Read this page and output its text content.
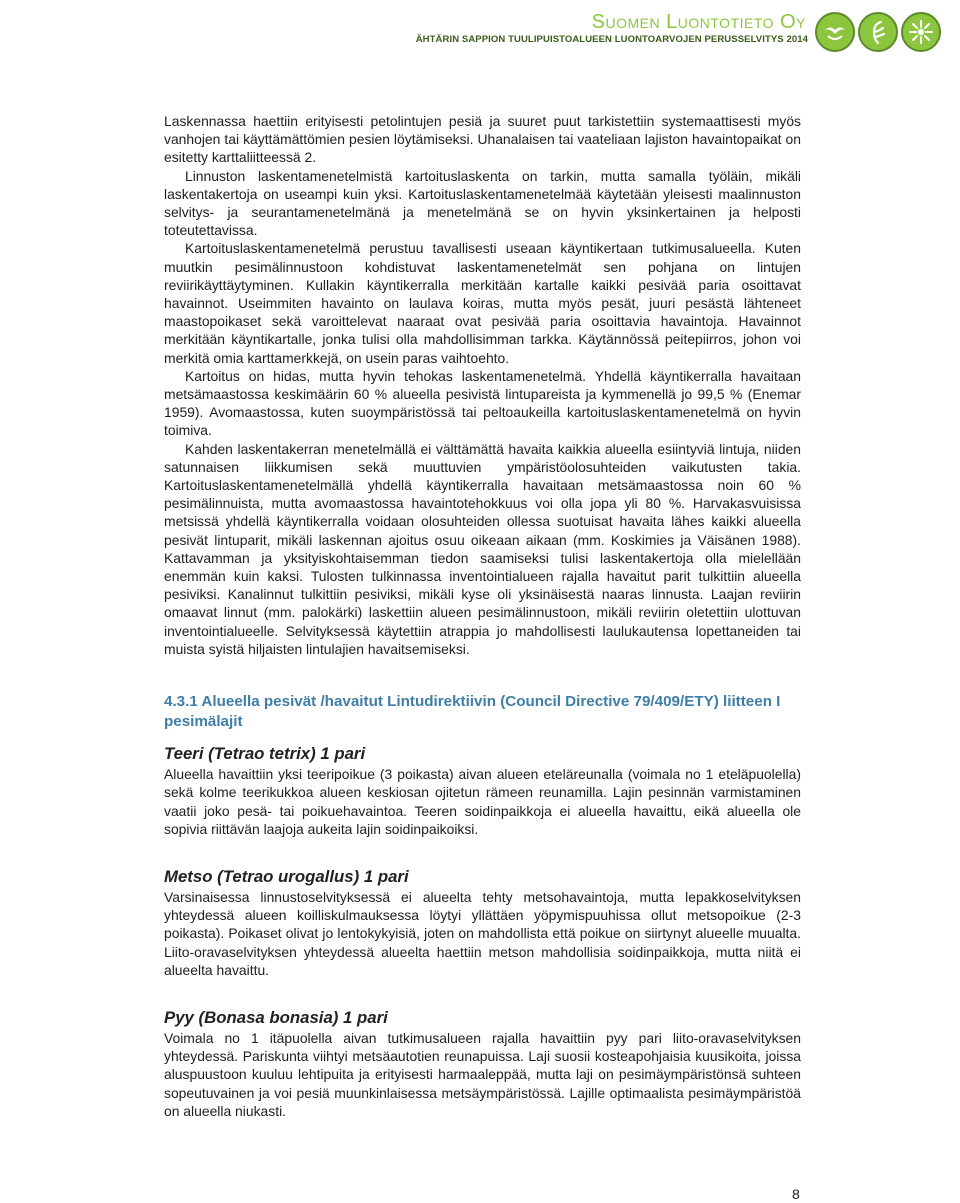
Suomen Luontotieto Oy
ÄHTÄRIN SAPPION TUULIPUISTOALUEEN LUONTOARVOJEN PERUSSELVITYS 2014

Laskennassa haettiin erityisesti petolintujen pesiä ja suuret puut tarkistettiin systemaattisesti myös vanhojen tai käyttämättömien pesien löytämiseksi. Uhanalaisen tai vaateliaan lajiston havaintopaikat on esitetty karttaliitteessä 2.

Linnuston laskentamenetelmistä kartoituslaskenta on tarkin, mutta samalla työläin, mikäli laskentakertoja on useampi kuin yksi. Kartoituslaskentamenetelmää käytetään yleisesti maalinnuston selvitys- ja seurantamenetelmänä ja menetelmänä se on hyvin yksinkertainen ja helposti toteutettavissa.

Kartoituslaskentamenetelmä perustuu tavallisesti useaan käyntikertaan tutkimusalueella. Kuten muutkin pesimälinnustoon kohdistuvat laskentamenetelmät sen pohjana on lintujen reviirikäyttäytyminen. Kullakin käyntikerralla merkitään kartalle kaikki pesivää paria osoittavat havainnot. Useimmiten havainto on laulava koiras, mutta myös pesät, juuri pesästä lähteneet maastopoikaset sekä varoittelevat naaraat ovat pesivää paria osoittavia havaintoja. Havainnot merkitään käyntikartalle, jonka tulisi olla mahdollisimman tarkka. Käytännössä peitepiirros, johon voi merkitä omia karttamerkkejä, on usein paras vaihtoehto.

Kartoitus on hidas, mutta hyvin tehokas laskentamenetelmä. Yhdellä käyntikerralla havaitaan metsämaastossa keskimäärin 60 % alueella pesivistä lintupareista ja kymmenellä jo 99,5 % (Enemar 1959). Avomaastossa, kuten suoympäristössä tai peltoaukeilla kartoituslaskentamenetelmä on hyvin toimiva.

Kahden laskentakerran menetelmällä ei välttämättä havaita kaikkia alueella esiintyviä lintuja, niiden satunnaisen liikkumisen sekä muuttuvien ympäristöolosuhteiden vaikutusten takia. Kartoituslaskentamenetelmällä yhdellä käyntikerralla havaitaan metsämaastossa noin 60 % pesimälinnuista, mutta avomaastossa havaintotehokkuus voi olla jopa yli 80 %. Harvakasvuisissa metsissä yhdellä käyntikerralla voidaan olosuhteiden ollessa suotuisat havaita lähes kaikki alueella pesivät lintuparit, mikäli laskennan ajoitus osuu oikeaan aikaan (mm. Koskimies ja Väisänen 1988). Kattavamman ja yksityiskohtaisemman tiedon saamiseksi tulisi laskentakertoja olla mielellään enemmän kuin kaksi. Tulosten tulkinnassa inventointialueen rajalla havaitut parit tulkittiin alueella pesiviksi. Kanalinnut tulkittiin pesiviksi, mikäli kyse oli yksinäisestä naaras linnusta. Laajan reviirin omaavat linnut (mm. palokärki) laskettiin alueen pesimälinnustoon, mikäli reviirin oletettiin ulottuvan inventointialueelle. Selvityksessä käytettiin atrappia jo mahdollisesti laulukautensa lopettaneiden tai muista syistä hiljaisten lintulajien havaitsemiseksi.

4.3.1 Alueella pesivät /havaitut Lintudirektiivin (Council Directive 79/409/ETY) liitteen I pesimälajit
Teeri (Tetrao tetrix) 1 pari

Alueella havaittiin yksi teeripoikue (3 poikasta) aivan alueen eteläreunalla (voimala no 1 eteläpuolella) sekä kolme teerikukkoa alueen keskiosan ojitetun rämeen reunamilla. Lajin pesinnän varmistaminen vaatii joko pesä- tai poikuehavaintoa. Teeren soidinpaikkoja ei alueella havaittu, eikä alueella ole sopivia riittävän laajoja aukeita lajin soidinpaikoiksi.

Metso (Tetrao urogallus) 1 pari

Varsinaisessa linnustoselvityksessä ei alueelta tehty metsohavaintoja, mutta lepakkoselvityksen yhteydessä alueen koilliskulmauksessa löytyi yllättäen yöpymispuuhissa ollut metsopoikue (2-3 poikasta). Poikaset olivat jo lentokykyisiä, joten on mahdollista että poikue on siirtynyt alueelle muualta. Liito-oravaselvityksen yhteydessä alueelta haettiin metson mahdollisia soidinpaikkoja, mutta niitä ei alueelta havaittu.

Pyy (Bonasa bonasia) 1 pari

Voimala no 1 itäpuolella aivan tutkimusalueen rajalla havaittiin pyy pari liito-oravaselvityksen yhteydessä. Pariskunta viihtyi metsäautotien reunapuissa. Laji suosii kosteapohjaisia kuusikoita, joissa aluspuustoon kuuluu lehtipuita ja erityisesti harmaaleppää, mutta laji on pesimäympäristönsä suhteen sopeutuvainen ja voi pesiä muunkinlaisessa metsäympäristössä. Lajille optimaalista pesimäympäristöä on alueella niukasti.

8
